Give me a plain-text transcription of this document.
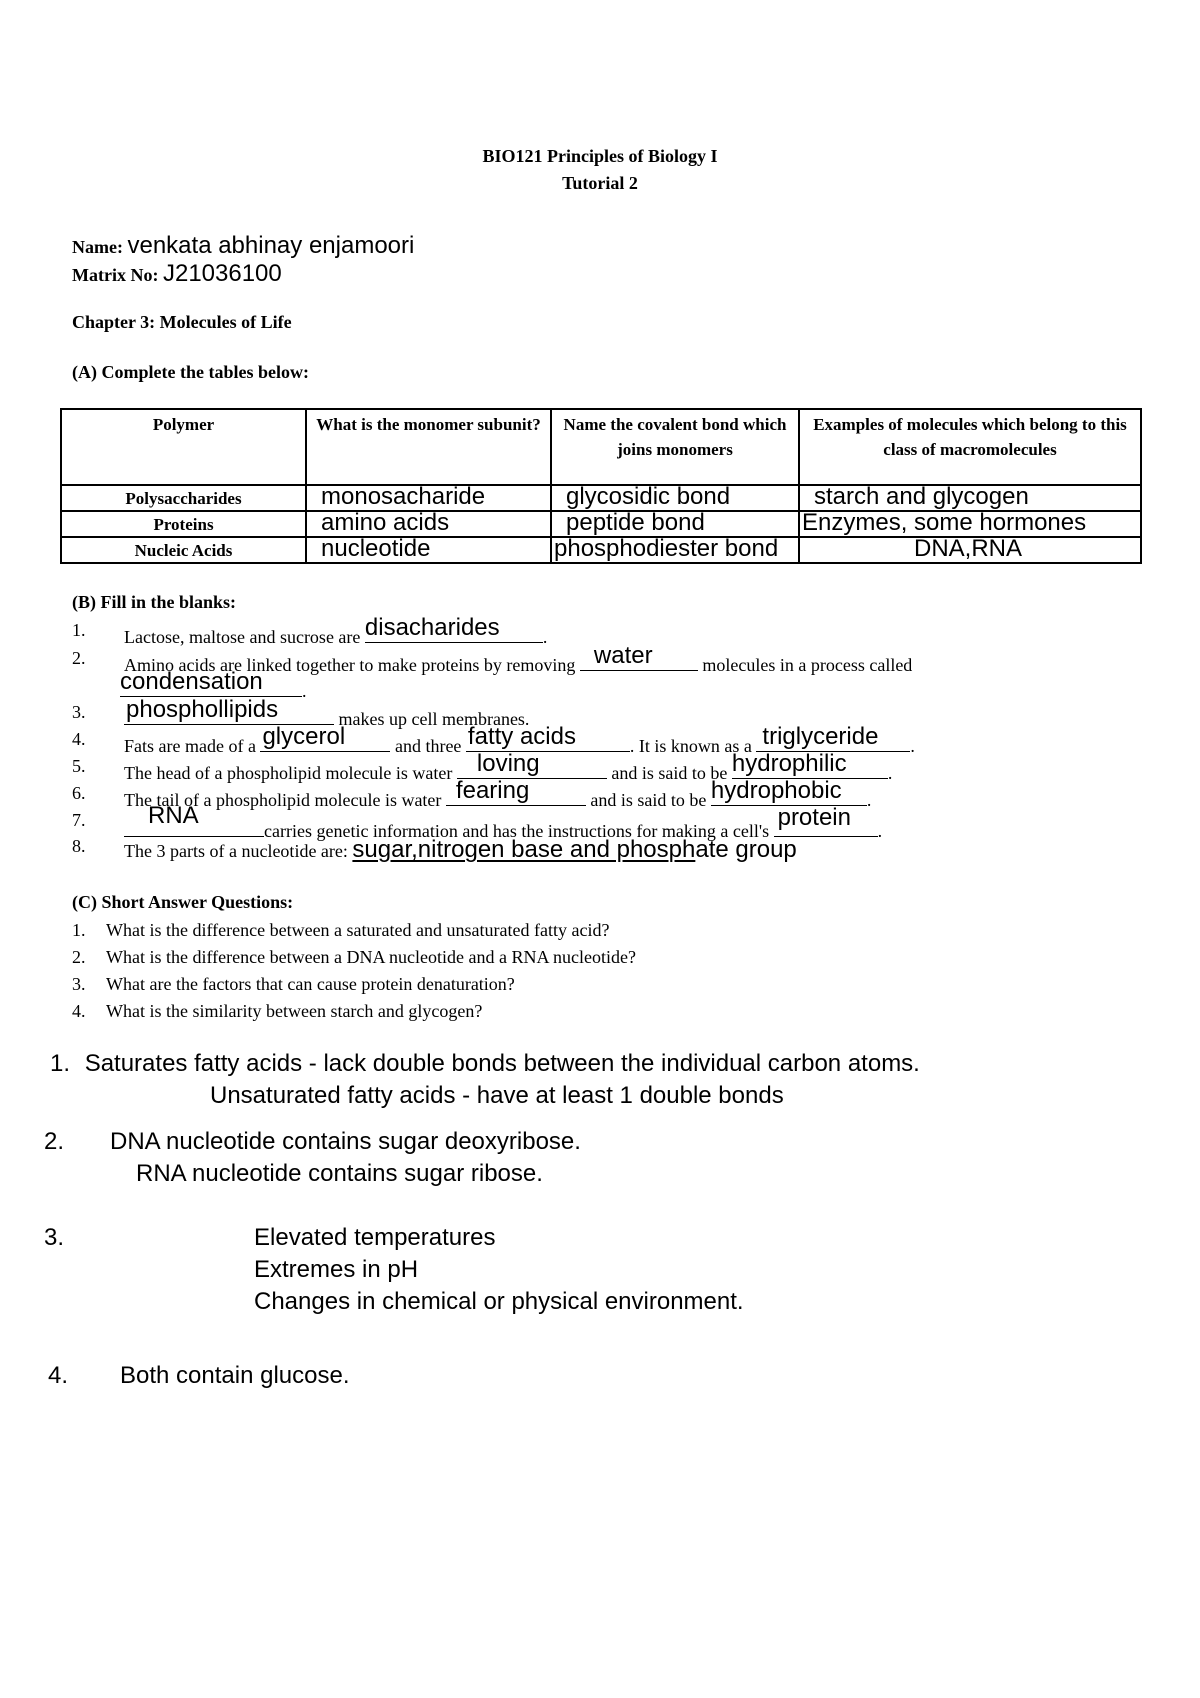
BIO121 Principles of Biology I
Tutorial 2
Name: venkata abhinay enjamoori
Matrix No: J21036100
Chapter 3: Molecules of Life
(A) Complete the tables below:
Polymer	What is the monomer subunit?	Name the covalent bond which joins monomers	Examples of molecules which belong to this class of macromolecules
Polysaccharides	monosacharide	glycosidic bond	starch and glycogen
Proteins	amino acids	peptide bond	Enzymes, some hormones
Nucleic Acids	nucleotide	phosphodiester bond	DNA,RNA
(B) Fill in the blanks:
1. Lactose, maltose and sucrose are disacharides .
2. Amino acids are linked together to make proteins by removing water	molecules in a process called
condensation .
3. phosphollipids	makes up cell membranes.
4. Fats are made of a glycerol	and three fatty acids	. It is known as a triglyceride .
5. The head of a phospholipid molecule is water loving	and is said to be hydrophilic .
6. The tail of a phospholipid molecule is water fearing	and is said to be hydrophobic .
7.	RNA
carries genetic information and has the instructions for making a cell's protein .
8. The 3 parts of a nucleotide are: sugar,nitrogen base and phosphate group
(C) Short Answer Questions:
1. What is the difference between a saturated and unsaturated fatty acid?
2. What is the difference between a DNA nucleotide and a RNA nucleotide?
3. What are the factors that can cause protein denaturation?
4. What is the similarity between starch and glycogen?
1. Saturates fatty acids - lack double bonds between the individual carbon atoms.
Unsaturated fatty acids - have at least 1 double bonds
2. DNA nucleotide contains sugar deoxyribose.
RNA nucleotide contains sugar ribose.
3.	Elevated temperatures
Extremes in pH
Changes in chemical or physical environment.
4. Both contain glucose.
